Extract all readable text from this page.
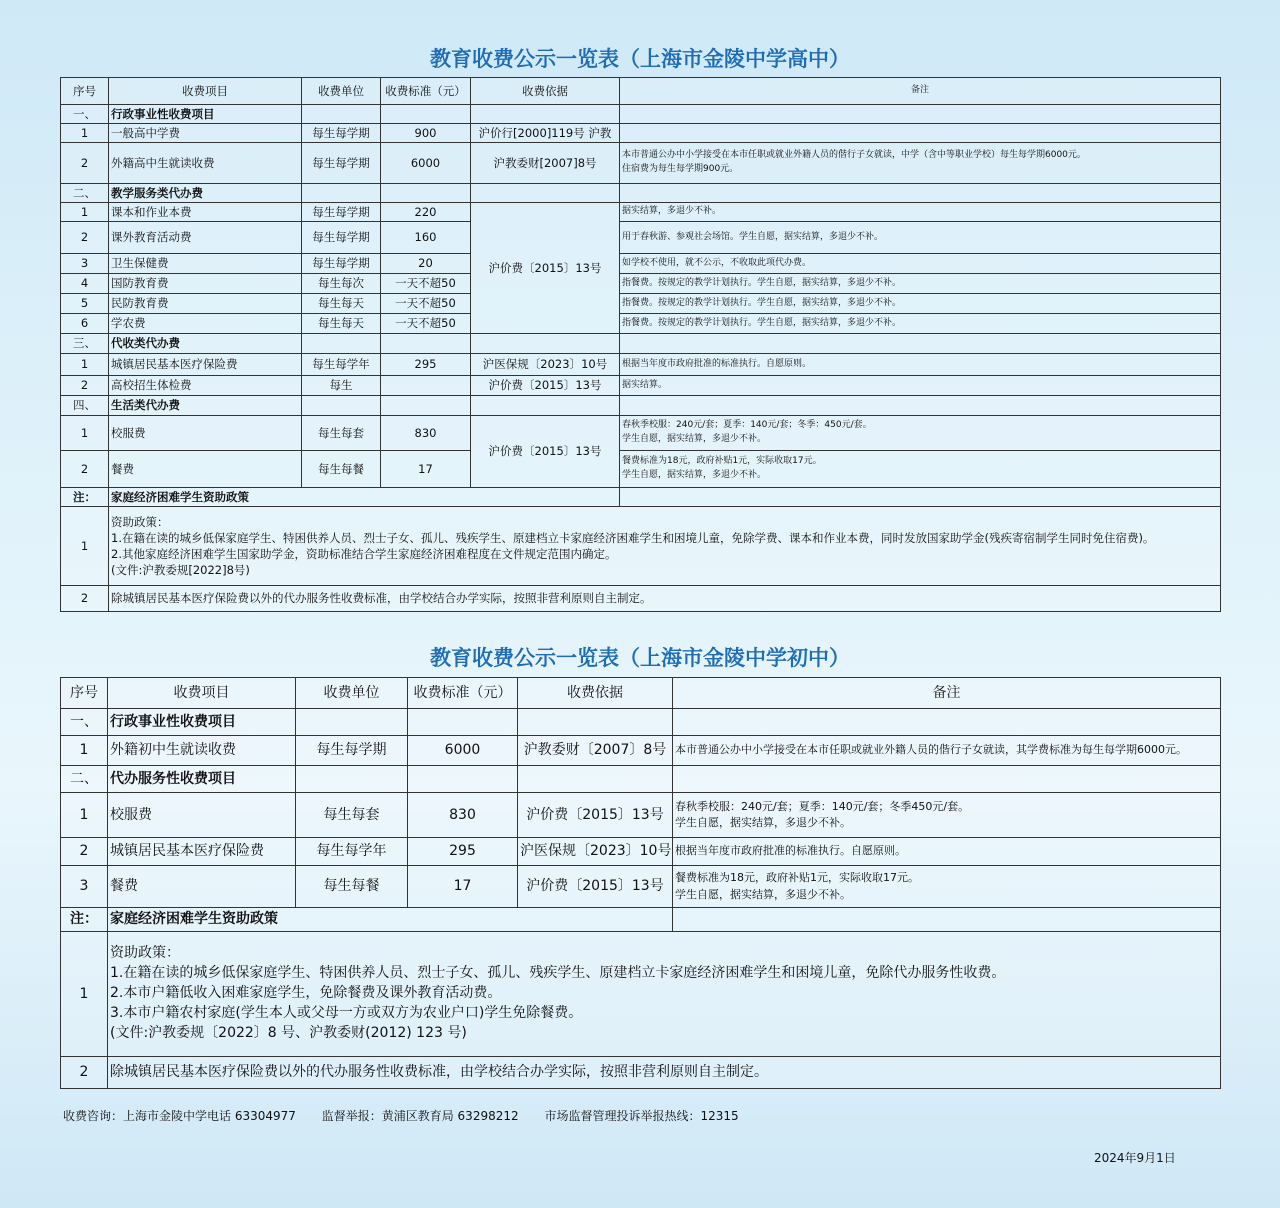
教育收费公示一览表（上海市金陵中学高中）
序号	收费项目	收费单位	收费标准（元）	收费依据	备注
一、	行政事业性收费项目				
1	一般高中学费	每生每学期	900	沪价行[2000]119号 沪教	
2	外籍高中生就读收费	每生每学期	6000	沪教委财[2007]8号	本市普通公办中小学接受在本市任职或就业外籍人员的偕行子女就读，中学（含中等职业学校）每生每学期6000元。
住宿费为每生每学期900元。

二、	教学服务类代办费				
1	课本和作业本费	每生每学期	220	沪价费〔2015〕13号	据实结算，多退少不补。
2	课外教育活动费	每生每学期	160		用于春秋游、参观社会场馆。学生自愿，据实结算，多退少不补。
3	卫生保健费	每生每学期	20		如学校不使用，就不公示，不收取此项代办费。
4	国防教育费	每生每次	一天不超50		指餐费。按规定的教学计划执行。学生自愿，据实结算，多退少不补。
5	民防教育费	每生每天	一天不超50		指餐费。按规定的教学计划执行。学生自愿，据实结算，多退少不补。
6	学农费	每生每天	一天不超50		指餐费。按规定的教学计划执行。学生自愿，据实结算，多退少不补。
三、	代收类代办费				
1	城镇居民基本医疗保险费	每生每学年	295	沪医保规〔2023〕10号	根据当年度市政府批准的标准执行。自愿原则。
2	高校招生体检费	每生		沪价费〔2015〕13号	据实结算。
四、	生活类代办费				
1	校服费	每生每套	830	沪价费〔2015〕13号	春秋季校服：240元/套；夏季：140元/套；冬季：450元/套。
学生自愿，据实结算，多退少不补。

2	餐费	每生每餐	17		餐费标准为18元，政府补贴1元，实际收取17元。
学生自愿，据实结算，多退少不补。

注：	家庭经济困难学生资助政策				
1	资助政策：
1.在籍在读的城乡低保家庭学生、特困供养人员、烈士子女、孤儿、残疾学生、原建档立卡家庭经济困难学生和困境儿童，免除学费、课本和作业本费，同时发放国家助学金(残疾寄宿制学生同时免住宿费)。
2.其他家庭经济困难学生国家助学金，资助标准结合学生家庭经济困难程度在文件规定范围内确定。
(文件:沪教委规[2022]8号)				

2	除城镇居民基本医疗保险费以外的代办服务性收费标准，由学校结合办学实际，按照非营利原则自主制定。				
教育收费公示一览表（上海市金陵中学初中）
序号	收费项目	收费单位	收费标准（元）	收费依据	备注
一、	行政事业性收费项目				
1	外籍初中生就读收费	每生每学期	6000	沪教委财〔2007〕8号	本市普通公办中小学接受在本市任职或就业外籍人员的偕行子女就读，其学费标准为每生每学期6000元。
二、	代办服务性收费项目				
1	校服费	每生每套	830	沪价费〔2015〕13号	春秋季校服：240元/套；夏季：140元/套；冬季450元/套。
学生自愿，据实结算，多退少不补。

2	城镇居民基本医疗保险费	每生每学年	295	沪医保规〔2023〕10号	根据当年度市政府批准的标准执行。自愿原则。
3	餐费	每生每餐	17	沪价费〔2015〕13号	餐费标准为18元，政府补贴1元，实际收取17元。
学生自愿，据实结算，多退少不补。

注：	家庭经济困难学生资助政策				
1	资助政策：
1.在籍在读的城乡低保家庭学生、特困供养人员、烈士子女、孤儿、残疾学生、原建档立卡家庭经济困难学生和困境儿童，免除代办服务性收费。
2.本市户籍低收入困难家庭学生，免除餐费及课外教育活动费。
3.本市户籍农村家庭(学生本人或父母一方或双方为农业户口)学生免除餐费。
(文件:沪教委规〔2022〕8 号、沪教委财(2012) 123 号)				

2	除城镇居民基本医疗保险费以外的代办服务性收费标准，由学校结合办学实际，按照非营利原则自主制定。				
收费咨询：上海市金陵中学电话 63304977 监督举报：黄浦区教育局 63298212 市场监督管理投诉举报热线：12315
2024年9月1日
